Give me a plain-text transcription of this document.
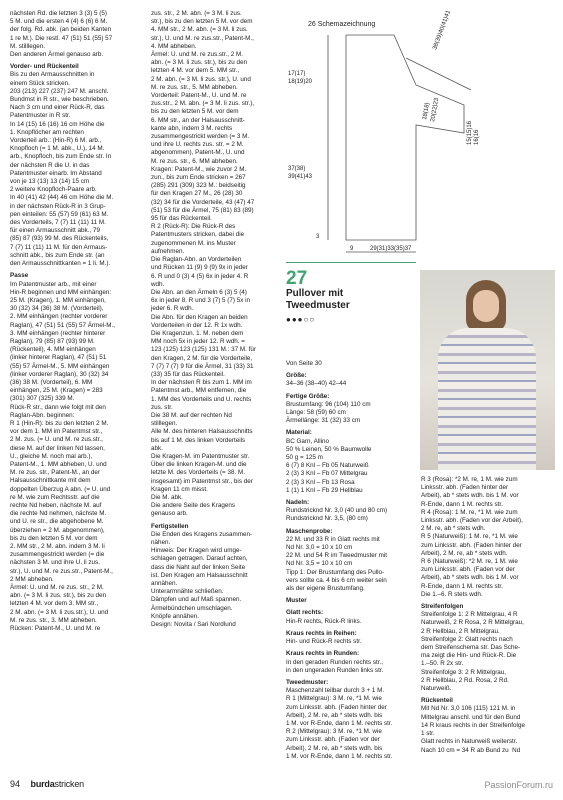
nächsten Rd. die letzten 3 (3) 5 (5)
5 M. und die ersten 4 (4) 6 (6) 6 M.
der folg. Rd. abk. (an beiden Kanten
1 re M.). Die restl. 47 (51) 51 (55) 57
M. stilllegen.
Den anderen Ärmel genauso arb.

Vorder- und Rückenteil

Bis zu den Armausschnitten in
einem Stück stricken.
203 (213) 227 (237) 247 M. anschl.
Bundmst in R str., wie beschrieben.
Nach 3 cm und einer Rück-R, das
Patentmuster in R str.
In 14 (15) 16 (16) 16 cm Höhe die
1. Knopflöcher am rechten
Vorderteil arb.: (Hin-R) 6 M. arb.,
Knopfloch (= 1 M. abk., U.), 14 M.
arb., Knopfloch, bis zum Ende str. In
der nächsten R die U. in das
Patentmuster einarb. Im Abstand
von je 13 (13) 13 (14) 15 cm
2 weitere Knopfloch-Paare arb.
In 40 (41) 42 (44) 46 cm Höhe die M.
in der nächsten Rück-R in 3 Grup-
pen einteilen: 55 (57) 59 (61) 63 M.
des Vorderteils, 7 (7) 11 (11) 11 M.
für einen Armausschnitt abk., 79
(85) 87 (93) 99 M. des Rückenteils,
7 (7) 11 (11) 11 M. für den Armaus-
schnitt abk., bis zum Ende str. (an
den Armausschnittkanten = 1 li. M.).

Passe

Im Patentmuster arb., mit einer
Hin-R beginnen und MM einhängen:
25 M. (Kragen), 1. MM einhängen,
30 (32) 34 (36) 38 M. (Vorderteil),
2. MM einhängen (rechter vorderer
Raglan), 47 (51) 51 (55) 57 Ärmel-M.,
3. MM einhängen (rechter hinterer
Raglan), 79 (85) 87 (93) 99 M.
(Rückenteil), 4. MM einhängen
(linker hinterer Raglan), 47 (51) 51
(55) 57 Ärmel-M., 5. MM einhängen
(linker vorderer Raglan), 30 (32) 34
(36) 38 M. (Vorderteil), 6. MM
einhängen, 25 M. (Kragen) = 283
(301) 307 (325) 339 M.
Rück-R str., dann wie folgt mit den
Raglan-Abn. beginnen:
R 1 (Hin-R): bis zu den letzten 2 M.
vor dem 1. MM im Patentmst str.,
2 M. zus. (= U. und M. re zus.str.,
diese M. auf der linken Nd lassen,
U., gleiche M. noch mal arb.),
Patent-M., 1. MM abheben, U. und
M. re zus. str., Patent-M., an der
Halsausschnittkante mit dem
doppelten Überzug A abn. (= U. und
re M. wie zum Rechtsstr. auf die
rechte Nd heben, nächste M. auf
die rechte Nd nehmen, nächste M.
und U. re str., die abgehobene M.
überziehen = 2 M. abgenommen),
bis zu den letzten 5 M. vor dem
2. MM str., 2 M. abn. indem 3 M. li
zusammengestrickt werden (= die
nächsten 3 M. und ihre U. li zus.
str.), U. und M. re zus.str., Patent-M.,
2 MM abheben.
Ärmel: U. und M. re zus. str., 2 M.
abn. (= 3 M. li zus. str.), bis zu den
letzten 4 M. vor dem 3. MM str.,
2 M. abn. (= 3 M. li zus.str.), U. und
M. re zus. str., 3. MM abheben.
Rücken: Patent-M., U. und M. re

zus. str., 2 M. abn. (= 3 M. li zus.
str.), bis zu den letzten 5 M. vor dem
4. MM str., 2 M. abn. (= 3 M. li zus.
str.), U. und M. re zus.str., Patent-M.,
4. MM abheben.
Ärmel: U. und M. re zus.str., 2 M.
abn. (= 3 M. li zus. str.), bis zu den
letzten 4 M. vor dem 5. MM str.,
2 M. abn. (= 3 M. li zus. str.), U. und
M. re zus. str., 5. MM abheben.
Vorderteil: Patent-M., U. und M. re
zus.str., 2 M. abn. (= 3 M. li zus. str.),
bis zu den letzten 5 M. vor dem
6. MM str., an der Halsausschnitt-
kante abn, indem 3 M. rechts
zusammengestrickt werden (= 3 M.
und ihre U. rechts zus. str. = 2 M.
abgenommen), Patent-M., U. und
M. re zus. str., 6. MM abheben.
Kragen: Patent-M., wie zuvor 2 M.
zun., bis zum Ende stricken = 267
(285) 291 (309) 323 M.: beidseitig
für den Kragen 27 M., 26 (28) 30
(32) 34 für die Vorderteile, 43 (47) 47
(51) 53 für die Ärmel, 75 (81) 83 (89)
95 für das Rückenteil.
R 2 (Rück-R): Die Rück-R des
Patentmusters stricken, dabei die
zugenommenen M. ins Muster
aufnehmen.
Die Raglan-Abn. an Vorderteilen
und Rücken 11 (9) 9 (9) 9x in jeder
6. R und 0 (3) 4 (5) 6x in jeder 4. R
wdh.
Die Abn. an den Ärmeln 6 (3) 5 (4)
6x in jeder 8. R und 3 (7) 5 (7) 5x in
jeder 6. R wdh.
Die Abn. für den Kragen an beiden
Vorderteilen in der 12. R 1x wdh.
Die Kragenzun. 1. M. neben dem
MM noch 5x in jeder 12. R wdh. =
123 (125) 123 (125) 131 M.: 37 M. für
den Kragen, 2 M. für die Vorderteile,
7 (7) 7 (7) 9 für die Ärmel, 31 (33) 31
(33) 35 für das Rückenteil.
In der nächsten R bis zum 1. MM im
Patentmst arb., MM entfernen, die
1. MM des Vorderteils und U. rechts
zus. str.
Die 38 M. auf der rechten Nd
stilllegen.
Alle M. des hinteren Halsausschnitts
bis auf 1 M. des linken Vorderteils
abk.
Die Kragen-M. im Patentmuster str.
Über die linken Kragen-M. und die
letzte M. des Vorderteils (= 38. M.
insgesamt) im Patentmst str., bis der
Kragen 11 cm misst.
Die M. abk.
Die andere Seite des Kragens
genauso arb.

Fertigstellen

Die Enden des Kragens zusammen-
nähen.
Hinweis: Der Kragen wird umge-
schlagen getragen. Darauf achten,
dass die Naht auf der linken Seite
ist. Den Kragen am Halsausschnitt
annähen.
Unterarmnähte schließen.
Dämpfen und auf Maß spannen.
Ärmelbündchen umschlagen.
Knöpfe annähen.

Design: Novita / Sari Nordlund

26 Schemazeichnung
17(17)
18(19)20
37(38)
39(41)43
3
9	29(31)33(35)37
38(39)40(41)41
18(18) 20(22)23
15(15)16 16(16
27
Pullover mit
Tweedmuster
●●●○○

Von Seite 30

Größe:

34–36 (38–40) 42–44

Fertige Größe:

Brustumfang: 96 (104) 110 cm
Länge: 58 (59) 60 cm
Ärmellänge: 31 (32) 33 cm

Material:

BC Garn, Allino
50 % Leinen, 50 % Baumwolle
50 g = 125 m
6 (7) 8 Knl – Fb 05 Naturweiß
2 (3) 3 Knl – Fb 07 Mittelgrau
2 (3) 3 Knl – Fb 13 Rosa
1 (1) 1 Knl – Fb 29 Hellblau

Nadeln:

Rundstricknd Nr. 3,0 (40 und 80 cm)
Rundstricknd Nr. 3,5, (80 cm)

Maschenprobe:

22 M. und 33 R in Glatt rechts mit
Nd Nr. 3,0 = 10 x 10 cm
22 M. und 54 R im Tweedmuster mit
Nd Nr. 3,5 = 10 x 10 cm

Tipp 1: Der Brustumfang des Pullo-
vers sollte ca. 4 bis 6 cm weiter sein
als der eigene Brustumfang.

Muster

Glatt rechts:

Hin-R rechts, Rück-R links.

Kraus rechts in Reihen:

Hin- und Rück-R rechts str.

Kraus rechts in Runden:

In den geraden Runden rechts str.,
in den ungeraden Runden links str.

Tweedmuster:

Maschenzahl teilbar durch 3 + 1 M.
R 1 (Mittelgrau): 3 M. re, *1 M. wie
zum Linksstr. abh. (Faden hinter der
Arbeit), 2 M. re, ab * stets wdh. bis
1 M. vor R-Ende, dann 1 M. rechts str.
R 2 (Mittelgrau): 3 M. re, *1 M. wie
zum Linksstr. abh. (Faden vor der
Arbeit), 2 M. re, ab * stets wdh. bis
1 M. vor R-Ende, dann 1 M. rechts str.

R 3 (Rosa): *2 M. re, 1 M. wie zum
Linksstr. abh. (Faden hinter der
Arbeit), ab * stets wdh. bis 1 M. vor
R-Ende, dann 1 M. rechts str.
R 4 (Rosa): 1 M. re, *1 M. wie zum
Linksstr. abh. (Faden vor der Arbeit),
2 M. re, ab * stets wdh.
R 5 (Naturweiß): 1 M. re, *1 M. wie
zum Linksstr. abh. (Faden hinter der
Arbeit), 2 M. re, ab * stets wdh.
R 6 (Naturweiß): *2 M. re, 1 M. wie
zum Linksstr. abh. (Faden vor der
Arbeit), ab * stets wdh. bis 1 M. vor
R-Ende, dann 1 M. rechts str.
Die 1.–6. R stets wdh.

Streifenfolgen

Streifenfolge 1: 2 R Mittelgrau, 4 R
Naturweiß, 2 R Rosa, 2 R Mittelgrau,
2 R Hellblau, 2 R Mittelgrau.
Streifenfolge 2: Glatt rechts nach
dem Streifenschema str. Das Sche-
ma zeigt die Hin- und Rück-R. Die
1.–50. R 2x str.
Streifenfolge 3: 2 R Mittelgrau,
2 R Hellblau, 2 Rd. Rosa, 2 Rd.
Naturweiß.

Rückenteil

Mit Nd Nr. 3,0 106 (115) 121 M. in
Mittelgrau anschl. und für den Bund
14 R kraus rechts in der Streifenfolge
1 str.
Glatt rechts in Naturweiß weiterstr.
Nach 10 cm = 34 R ab Bund zu  Nd

94 burdastricken	PassionForum.ru
